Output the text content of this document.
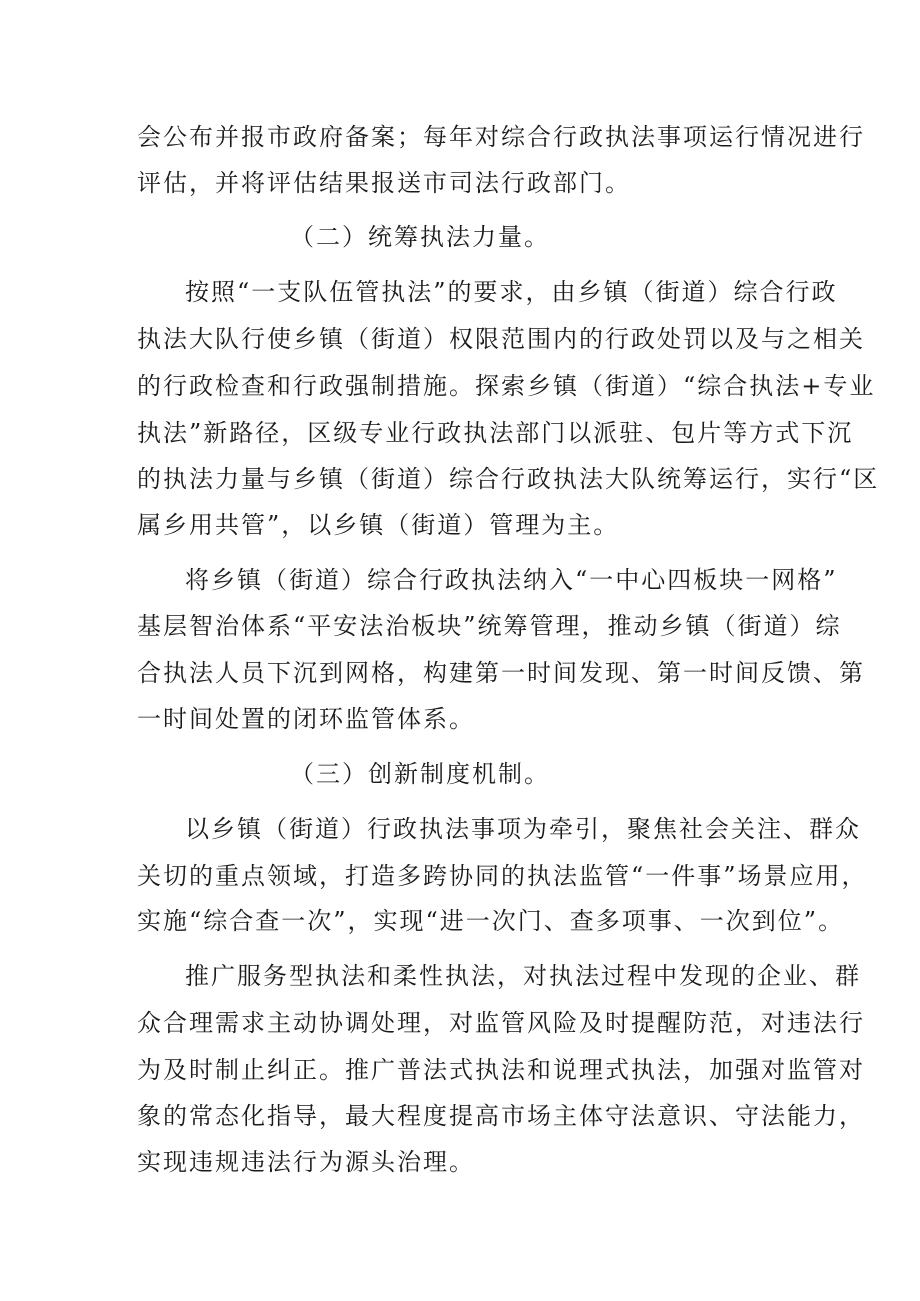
会公布并报市政府备案；每年对综合行政执法事项运行情况进行
评估，并将评估结果报送市司法行政部门。
（二）统筹执法力量。
按照“一支队伍管执法”的要求，由乡镇（街道）综合行政
执法大队行使乡镇（街道）权限范围内的行政处罚以及与之相关
的行政检查和行政强制措施。探索乡镇（街道）“综合执法+专业
执法”新路径，区级专业行政执法部门以派驻、包片等方式下沉
的执法力量与乡镇（街道）综合行政执法大队统筹运行，实行“区
属乡用共管”，以乡镇（街道）管理为主。
将乡镇（街道）综合行政执法纳入“一中心四板块一网格”
基层智治体系“平安法治板块”统筹管理，推动乡镇（街道）综
合执法人员下沉到网格，构建第一时间发现、第一时间反馈、第
一时间处置的闭环监管体系。
（三）创新制度机制。
以乡镇（街道）行政执法事项为牵引，聚焦社会关注、群众
关切的重点领域，打造多跨协同的执法监管“一件事”场景应用，
实施“综合查一次”，实现“进一次门、查多项事、一次到位”。
推广服务型执法和柔性执法，对执法过程中发现的企业、群
众合理需求主动协调处理，对监管风险及时提醒防范，对违法行
为及时制止纠正。推广普法式执法和说理式执法，加强对监管对
象的常态化指导，最大程度提高市场主体守法意识、守法能力，
实现违规违法行为源头治理。
